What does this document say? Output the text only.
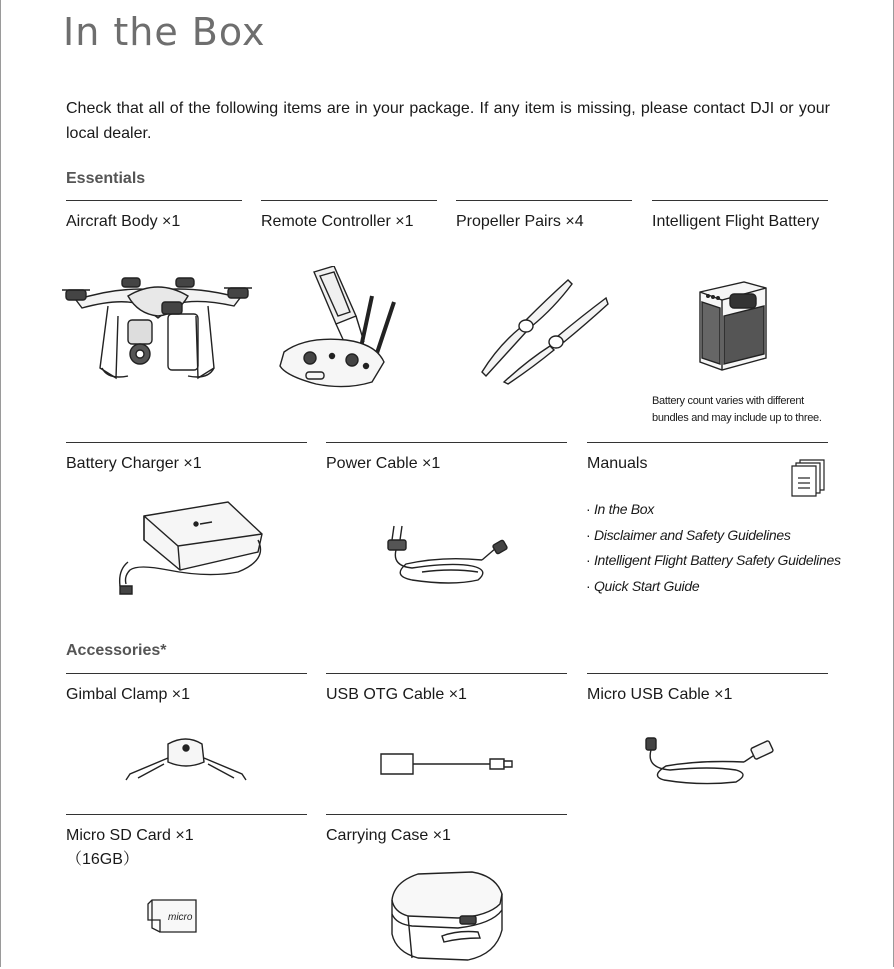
In the Box
Check that all of the following items are in your package. If any item is missing, please contact DJI or your local dealer.
Essentials
Aircraft Body ×1	Remote Controller ×1	Propeller Pairs ×4	Intelligent Flight Battery
Battery count varies with different bundles and may include up to three.
Battery Charger ×1	Power Cable ×1	Manuals
· In the Box
· Disclaimer and Safety Guidelines
· Intelligent Flight Battery Safety Guidelines
· Quick Start Guide
Accessories*
Gimbal Clamp ×1	USB OTG Cable ×1	Micro USB Cable ×1
Micro SD Card ×1
（16GB）
micro
Carrying Case ×1
